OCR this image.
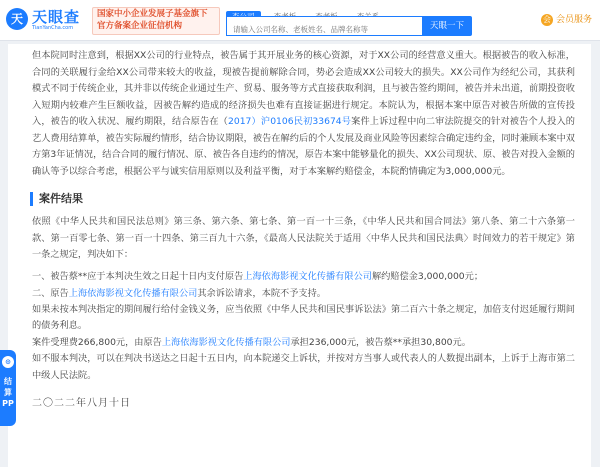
天 天眼查
TianYanCha.com
国家中小企业发展子基金旗下
官方备案企业征信机构

请输入公司名称、老板姓名、品牌名称等	天眼一下
会 会员服务

但本院同时注意到，根据XX公司的行业特点，被告属于其开展业务的核心资源，对于XX公司的经营意义重大。根据被告的收入标准，合同的关联履行金给XX公司带来较大的收益，现被告提前解除合同，势必会造成XX公司较大的损失。XX公司作为经纪公司，其获利模式不同于传统企业，其并非以传统企业通过生产、贸易、服务等方式直接获取利润，且与被告签约期间，被告并未出道，前期投资收入短期内较难产生巨额收益，因被告解约造成的经济损失也难有直接证据进行规定。本院认为，根据本案中原告对被告所做的宣传投入，被告的收入状况、履约期限，结合原告在（2017）沪0106民初33674号案件上诉过程中向二审法院提交的针对被告个人投入的艺人费用结算单，被告实际履约情形，结合协议期限，被告在解约后的个人发展及商业风险等因素综合确定违约金，同时兼顾本案中双方第3年证情况，结合合同的履行情况、原、被告各自违约的情况，原告本案中能够量化的损失、XX公司现状、原、被告对投入金额的确认等予以综合考虑，根据公平与诚实信用原则以及利益平衡，对于本案解约赔偿金，本院酌情确定为3,000,000元。

案件结果

依照《中华人民共和国民法总则》第三条、第六条、第七条、第一百一十三条，《中华人民共和国合同法》第八条、第二十六条第一款、第一百零七条、第一百一十四条、第三百九十六条，《最高人民法院关于适用〈中华人民共和国民法典〉时间效力的若干规定》第一条之规定，判决如下：

一、被告蔡**应于本判决生效之日起十日内支付原告上海依海影视文化传播有限公司解约赔偿金3,000,000元；

二、原告上海依海影视文化传播有限公司其余诉讼请求，本院不予支持。

如果未按本判决指定的期间履行给付金钱义务，应当依照《中华人民共和国民事诉讼法》第二百六十条之规定，加倍支付迟延履行期间的债务利息。

案件受理费266,800元，由原告上海依海影视文化传播有限公司承担236,000元，被告蔡**承担30,800元。

如不服本判决，可以在判决书送达之日起十五日内，向本院递交上诉状，并按对方当事人或代表人的人数提出副本，上诉于上海市第二中级人民法院。

二〇二二年八月十日
⊙
结 算 PP
